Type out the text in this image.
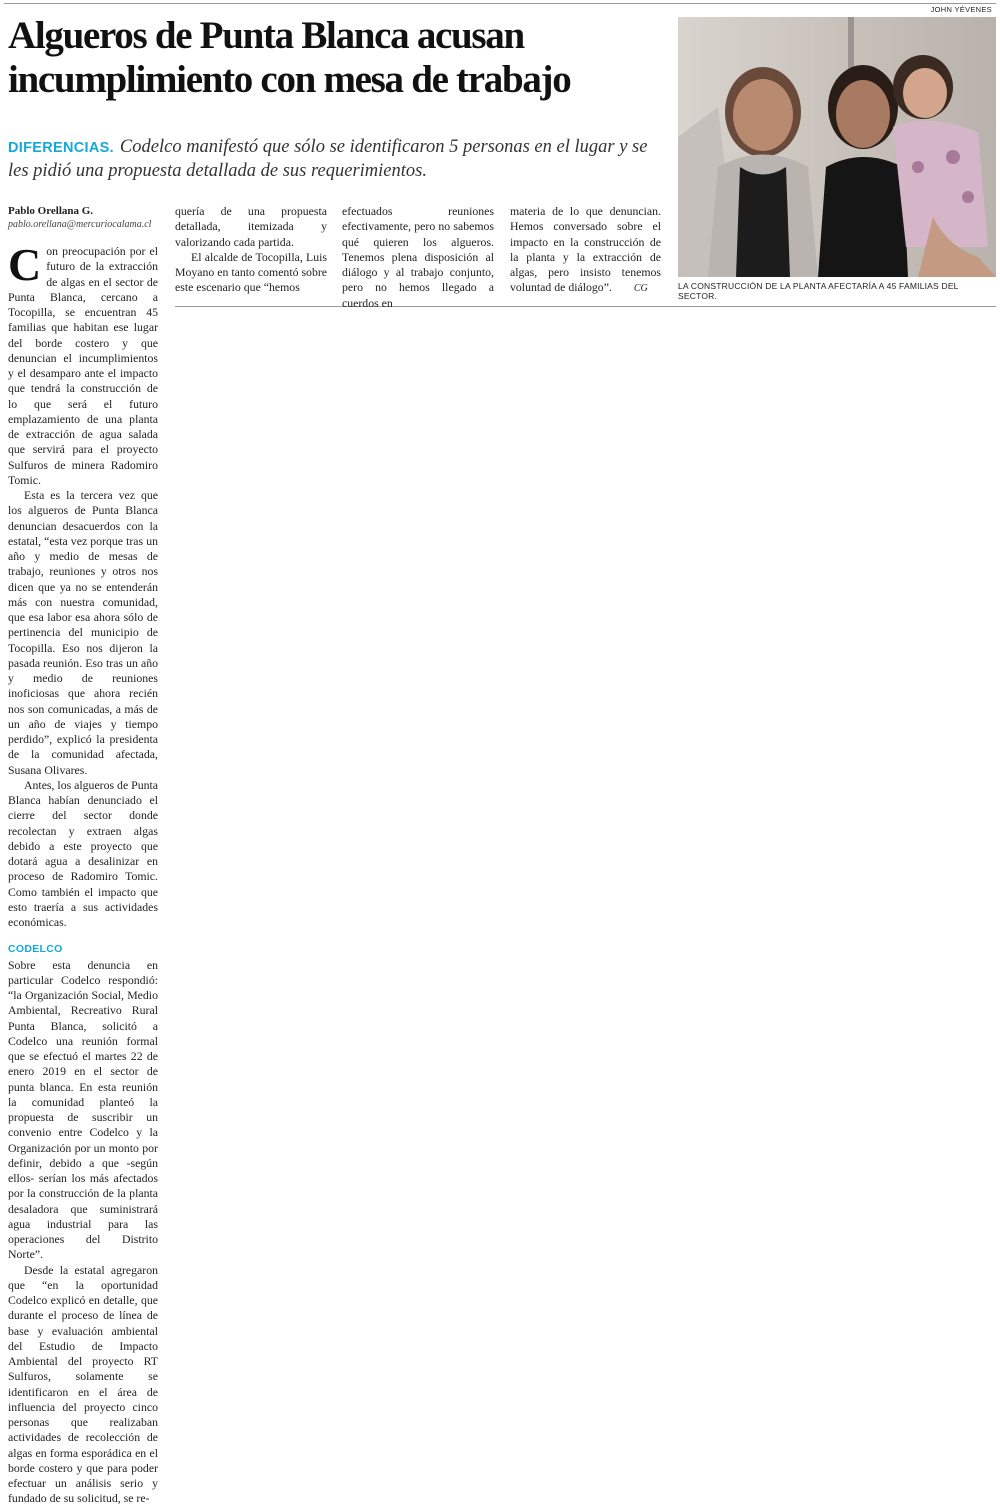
JOHN YÉVENES
Algueros de Punta Blanca acusan incumplimiento con mesa de trabajo

DIFERENCIAS. Codelco manifestó que sólo se identificaron 5 personas en el lugar y se les pidió una propuesta detallada de sus requerimientos.

LA CONSTRUCCIÓN DE LA PLANTA AFECTARÍA A 45 FAMILIAS DEL SECTOR.

Pablo Orellana G.

pablo.orellana@mercuriocalama.cl

Con preocupación por el futuro de la extracción de algas en el sector de Punta Blanca, cercano a Tocopilla, se encuentran 45 familias que habitan ese lugar del borde costero y que denuncian el incumplimientos y el desamparo ante el impacto que tendrá la construcción de lo que será el futuro emplazamiento de una planta de extracción de agua salada que servirá para el proyecto Sulfuros de minera Radomiro Tomic.

Esta es la tercera vez que los algueros de Punta Blanca denuncian desacuerdos con la estatal, “esta vez porque tras un año y medio de mesas de trabajo, reuniones y otros nos dicen que ya no se entenderán más con nuestra comunidad, que esa labor esa ahora sólo de pertinencia del municipio de Tocopilla. Eso nos dijeron la pasada reunión. Eso tras un año y medio de reuniones inoficiosas que ahora recién nos son comunicadas, a más de un año de viajes y tiempo perdido”, explicó la presidenta de la comunidad afectada, Susana Olivares.

Antes, los algueros de Punta Blanca habían denunciado el cierre del sector donde recolectan y extraen algas debido a este proyecto que dotará agua a desalinizar en proceso de Radomiro Tomic. Como también el impacto que esto traería a sus actividades económicas.

CODELCO

Sobre esta denuncia en particular Codelco respondió: “la Organización Social, Medio Ambiental, Recreativo Rural Punta Blanca, solicitó a Codelco una reunión formal que se efectuó el martes 22 de enero 2019 en el sector de punta blanca. En esta reunión la comunidad planteó la propuesta de suscribir un convenio entre Codelco y la Organización por un monto por definir, debido a que -según ellos- serían los más afectados por la construcción de la planta desaladora que suministrará agua industrial para las operaciones del Distrito Norte”.

Desde la estatal agregaron que “en la oportunidad Codelco explicó en detalle, que durante el proceso de línea de base y evaluación ambiental del Estudio de Impacto Ambiental del proyecto RT Sulfuros, solamente se identificaron en el área de influencia del proyecto cinco personas que realizaban actividades de recolección de algas en forma esporádica en el borde costero y que para poder efectuar un análisis serio y fundado de su solicitud, se re-

quería de una propuesta detallada, itemizada y valorizando cada partida.

El alcalde de Tocopilla, Luis Moyano en tanto comentó sobre este escenario que “hemos

efectuados reuniones efectivamente, pero no sabemos qué quieren los algueros. Tenemos plena disposición al diálogo y al trabajo conjunto, pero no hemos llegado a cuerdos en

materia de lo que denuncian. Hemos conversado sobre el impacto en la construcción de la planta y la extracción de algas, pero insisto tenemos voluntad de diálogo”. CG
